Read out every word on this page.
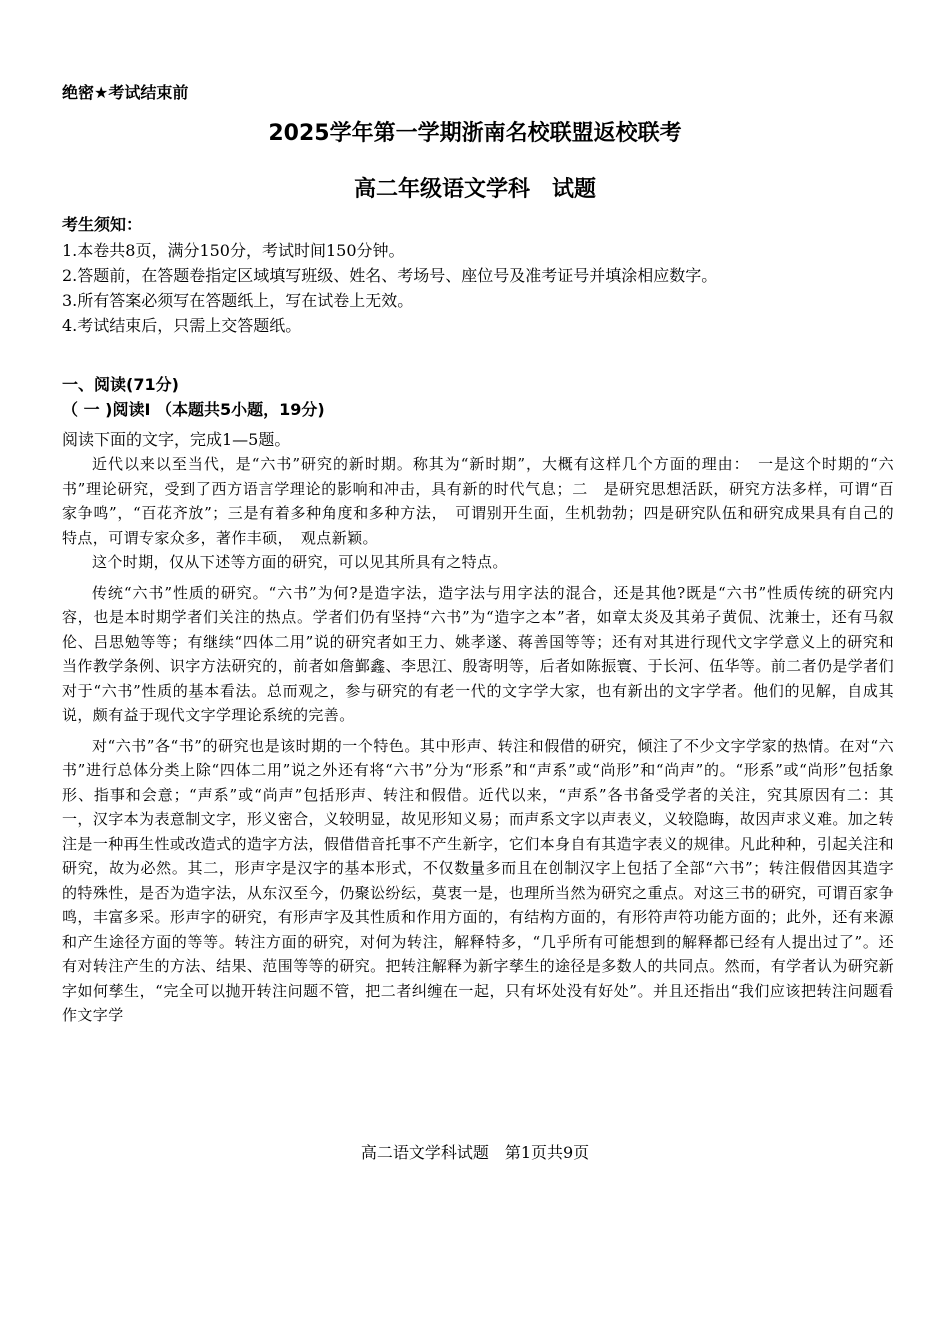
绝密★考试结束前
2025学年第一学期浙南名校联盟返校联考
高二年级语文学科　试题
考生须知：
1.本卷共8页，满分150分，考试时间150分钟。
2.答题前，在答题卷指定区域填写班级、姓名、考场号、座位号及准考证号并填涂相应数字。
3.所有答案必须写在答题纸上，写在试卷上无效。
4.考试结束后，只需上交答题纸。
一、阅读(71分)
（ 一 )阅读Ⅰ （本题共5小题，19分)
阅读下面的文字，完成1—5题。

近代以来以至当代，是“六书”研究的新时期。称其为“新时期”，大概有这样几个方面的理由：　一是这个时期的“六书”理论研究，受到了西方语言学理论的影响和冲击，具有新的时代气息；二　是研究思想活跃，研究方法多样，可谓“百家争鸣”，“百花齐放”；三是有着多种角度和多种方法，　可谓别开生面，生机勃勃；四是研究队伍和研究成果具有自己的特点，可谓专家众多，著作丰硕，　观点新颖。

这个时期，仅从下述等方面的研究，可以见其所具有之特点。

传统“六书”性质的研究。“六书”为何?是造字法，造字法与用字法的混合，还是其他?既是“六书”性质传统的研究内容，也是本时期学者们关注的热点。学者们仍有坚持“六书”为“造字之本”者，如章太炎及其弟子黄侃、沈兼士，还有马叙伦、吕思勉等等；有继续“四体二用”说的研究者如王力、姚孝遂、蒋善国等等；还有对其进行现代文字学意义上的研究和当作教学条例、识字方法研究的，前者如詹鄞鑫、李思江、殷寄明等，后者如陈振寰、于长河、伍华等。前二者仍是学者们对于“六书”性质的基本看法。总而观之，参与研究的有老一代的文字学大家，也有新出的文字学者。他们的见解，自成其说，颇有益于现代文字学理论系统的完善。

对“六书”各“书”的研究也是该时期的一个特色。其中形声、转注和假借的研究，倾注了不少文字学家的热情。在对“六书”进行总体分类上除“四体二用”说之外还有将“六书”分为“形系”和“声系”或“尚形”和“尚声”的。“形系”或“尚形”包括象形、指事和会意；“声系”或“尚声”包括形声、转注和假借。近代以来，“声系”各书备受学者的关注，究其原因有二：其一，汉字本为表意制文字，形义密合，义较明显，故见形知义易；而声系文字以声表义，义较隐晦，故因声求义难。加之转注是一种再生性或改造式的造字方法，假借借音托事不产生新字，它们本身自有其造字表义的规律。凡此种种，引起关注和研究，故为必然。其二，形声字是汉字的基本形式，不仅数量多而且在创制汉字上包括了全部“六书”；转注假借因其造字的特殊性，是否为造字法，从东汉至今，仍聚讼纷纭，莫衷一是，也理所当然为研究之重点。对这三书的研究，可谓百家争鸣，丰富多采。形声字的研究，有形声字及其性质和作用方面的，有结构方面的，有形符声符功能方面的；此外，还有来源和产生途径方面的等等。转注方面的研究，对何为转注，解释特多，“几乎所有可能想到的解释都已经有人提出过了”。还有对转注产生的方法、结果、范围等等的研究。把转注解释为新字孳生的途径是多数人的共同点。然而，有学者认为研究新字如何孳生，“完全可以抛开转注问题不管，把二者纠缠在一起，只有坏处没有好处”。并且还指出“我们应该把转注问题看作文字学

高二语文学科试题　第1页共9页
